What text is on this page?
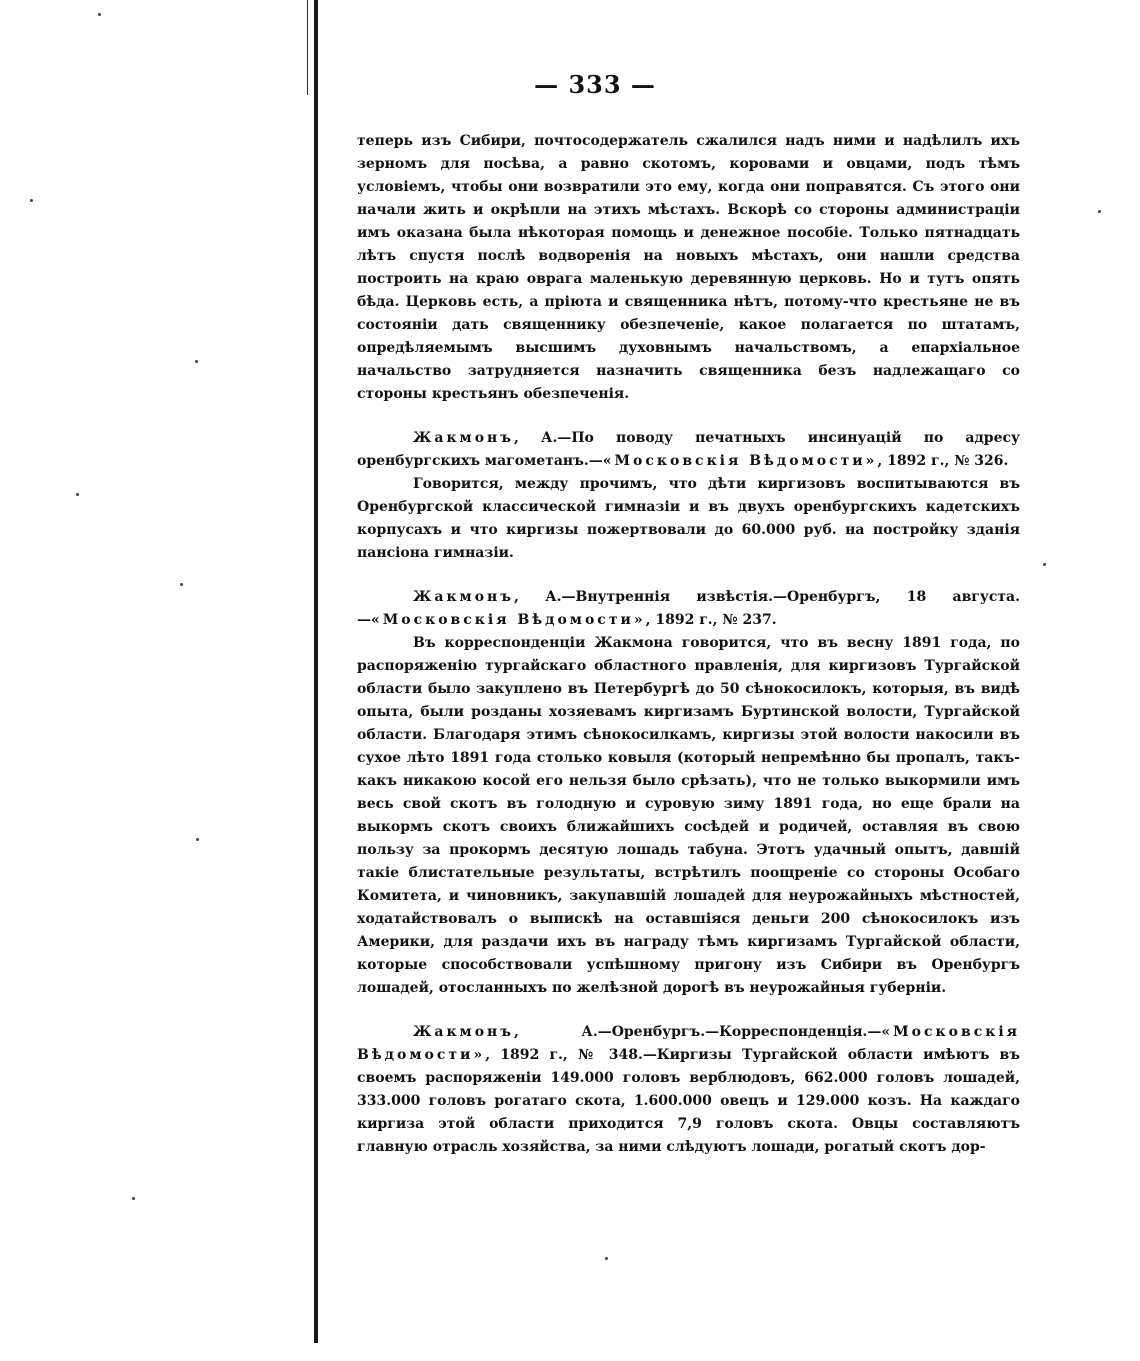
— 333 —

теперь изъ Сибири, почтосодержатель сжалился надъ ними и надѣлилъ ихъ зерномъ для посѣва, а равно скотомъ, коровами и овцами, подъ тѣмъ условіемъ, чтобы они возвратили это ему, когда они поправятся. Съ этого они начали жить и окрѣпли на этихъ мѣстахъ. Вскорѣ со стороны администраціи имъ оказана была нѣкоторая помощь и денежное пособіе. Только пятнадцать лѣтъ спустя послѣ водворенія на новыхъ мѣстахъ, они нашли средства построить на краю оврага маленькую деревянную церковь. Но и тутъ опять бѣда. Церковь есть, а пріюта и священника нѣтъ, потому-что крестьяне не въ состояніи дать священнику обезпеченіе, какое полагается по штатамъ, опредѣляемымъ высшимъ духовнымъ начальствомъ, а епархіальное начальство затрудняется назначить священника безъ надлежащаго со стороны крестьянъ обезпеченія.

Жакмонъ, А.—По поводу печатныхъ инсинуацій по адресу оренбургскихъ магометанъ.—«Московскія Вѣдомости», 1892 г., № 326.

Говорится, между прочимъ, что дѣти киргизовъ воспитываются въ Оренбургской классической гимназіи и въ двухъ оренбургскихъ кадетскихъ корпусахъ и что киргизы пожертвовали до 60.000 руб. на постройку зданія пансіона гимназіи.

Жакмонъ, А.—Внутреннія извѣстія.—Оренбургъ, 18 августа.—«Московскія Вѣдомости», 1892 г., № 237.

Въ корреспонденціи Жакмона говорится, что въ весну 1891 года, по распоряженію тургайскаго областного правленія, для киргизовъ Тургайской области было закуплено въ Петербургѣ до 50 сѣнокосилокъ, которыя, въ видѣ опыта, были розданы хозяевамъ киргизамъ Буртинской волости, Тургайской области. Благодаря этимъ сѣнокосилкамъ, киргизы этой волости накосили въ сухое лѣто 1891 года столько ковыля (который непремѣнно бы пропалъ, такъ-какъ никакою косой его нельзя было срѣзать), что не только выкормили имъ весь свой скотъ въ голодную и суровую зиму 1891 года, но еще брали на выкормъ скотъ своихъ ближайшихъ сосѣдей и родичей, оставляя въ свою пользу за прокормъ десятую лошадь табуна. Этотъ удачный опытъ, давшій такіе блистательные результаты, встрѣтилъ поощреніе со стороны Особаго Комитета, и чиновникъ, закупавшій лошадей для неурожайныхъ мѣстностей, ходатайствовалъ о выпискѣ на оставшіяся деньги 200 сѣнокосилокъ изъ Америки, для раздачи ихъ въ награду тѣмъ киргизамъ Тургайской области, которые способствовали успѣшному пригону изъ Сибири въ Оренбургъ лошадей, отосланныхъ по желѣзной дорогѣ въ неурожайныя губерніи.

Жакмонъ, А.—Оренбургъ.—Корреспонденція.—«Московскія Вѣдомости», 1892 г., № 348.—Киргизы Тургайской области имѣютъ въ своемъ распоряженіи 149.000 головъ верблюдовъ, 662.000 головъ лошадей, 333.000 головъ рогатаго скота, 1.600.000 овецъ и 129.000 козъ. На каждаго киргиза этой области приходится 7,9 головъ скота. Овцы составляютъ главную отрасль хозяйства, за ними слѣдуютъ лошади, рогатый скотъ дор-
